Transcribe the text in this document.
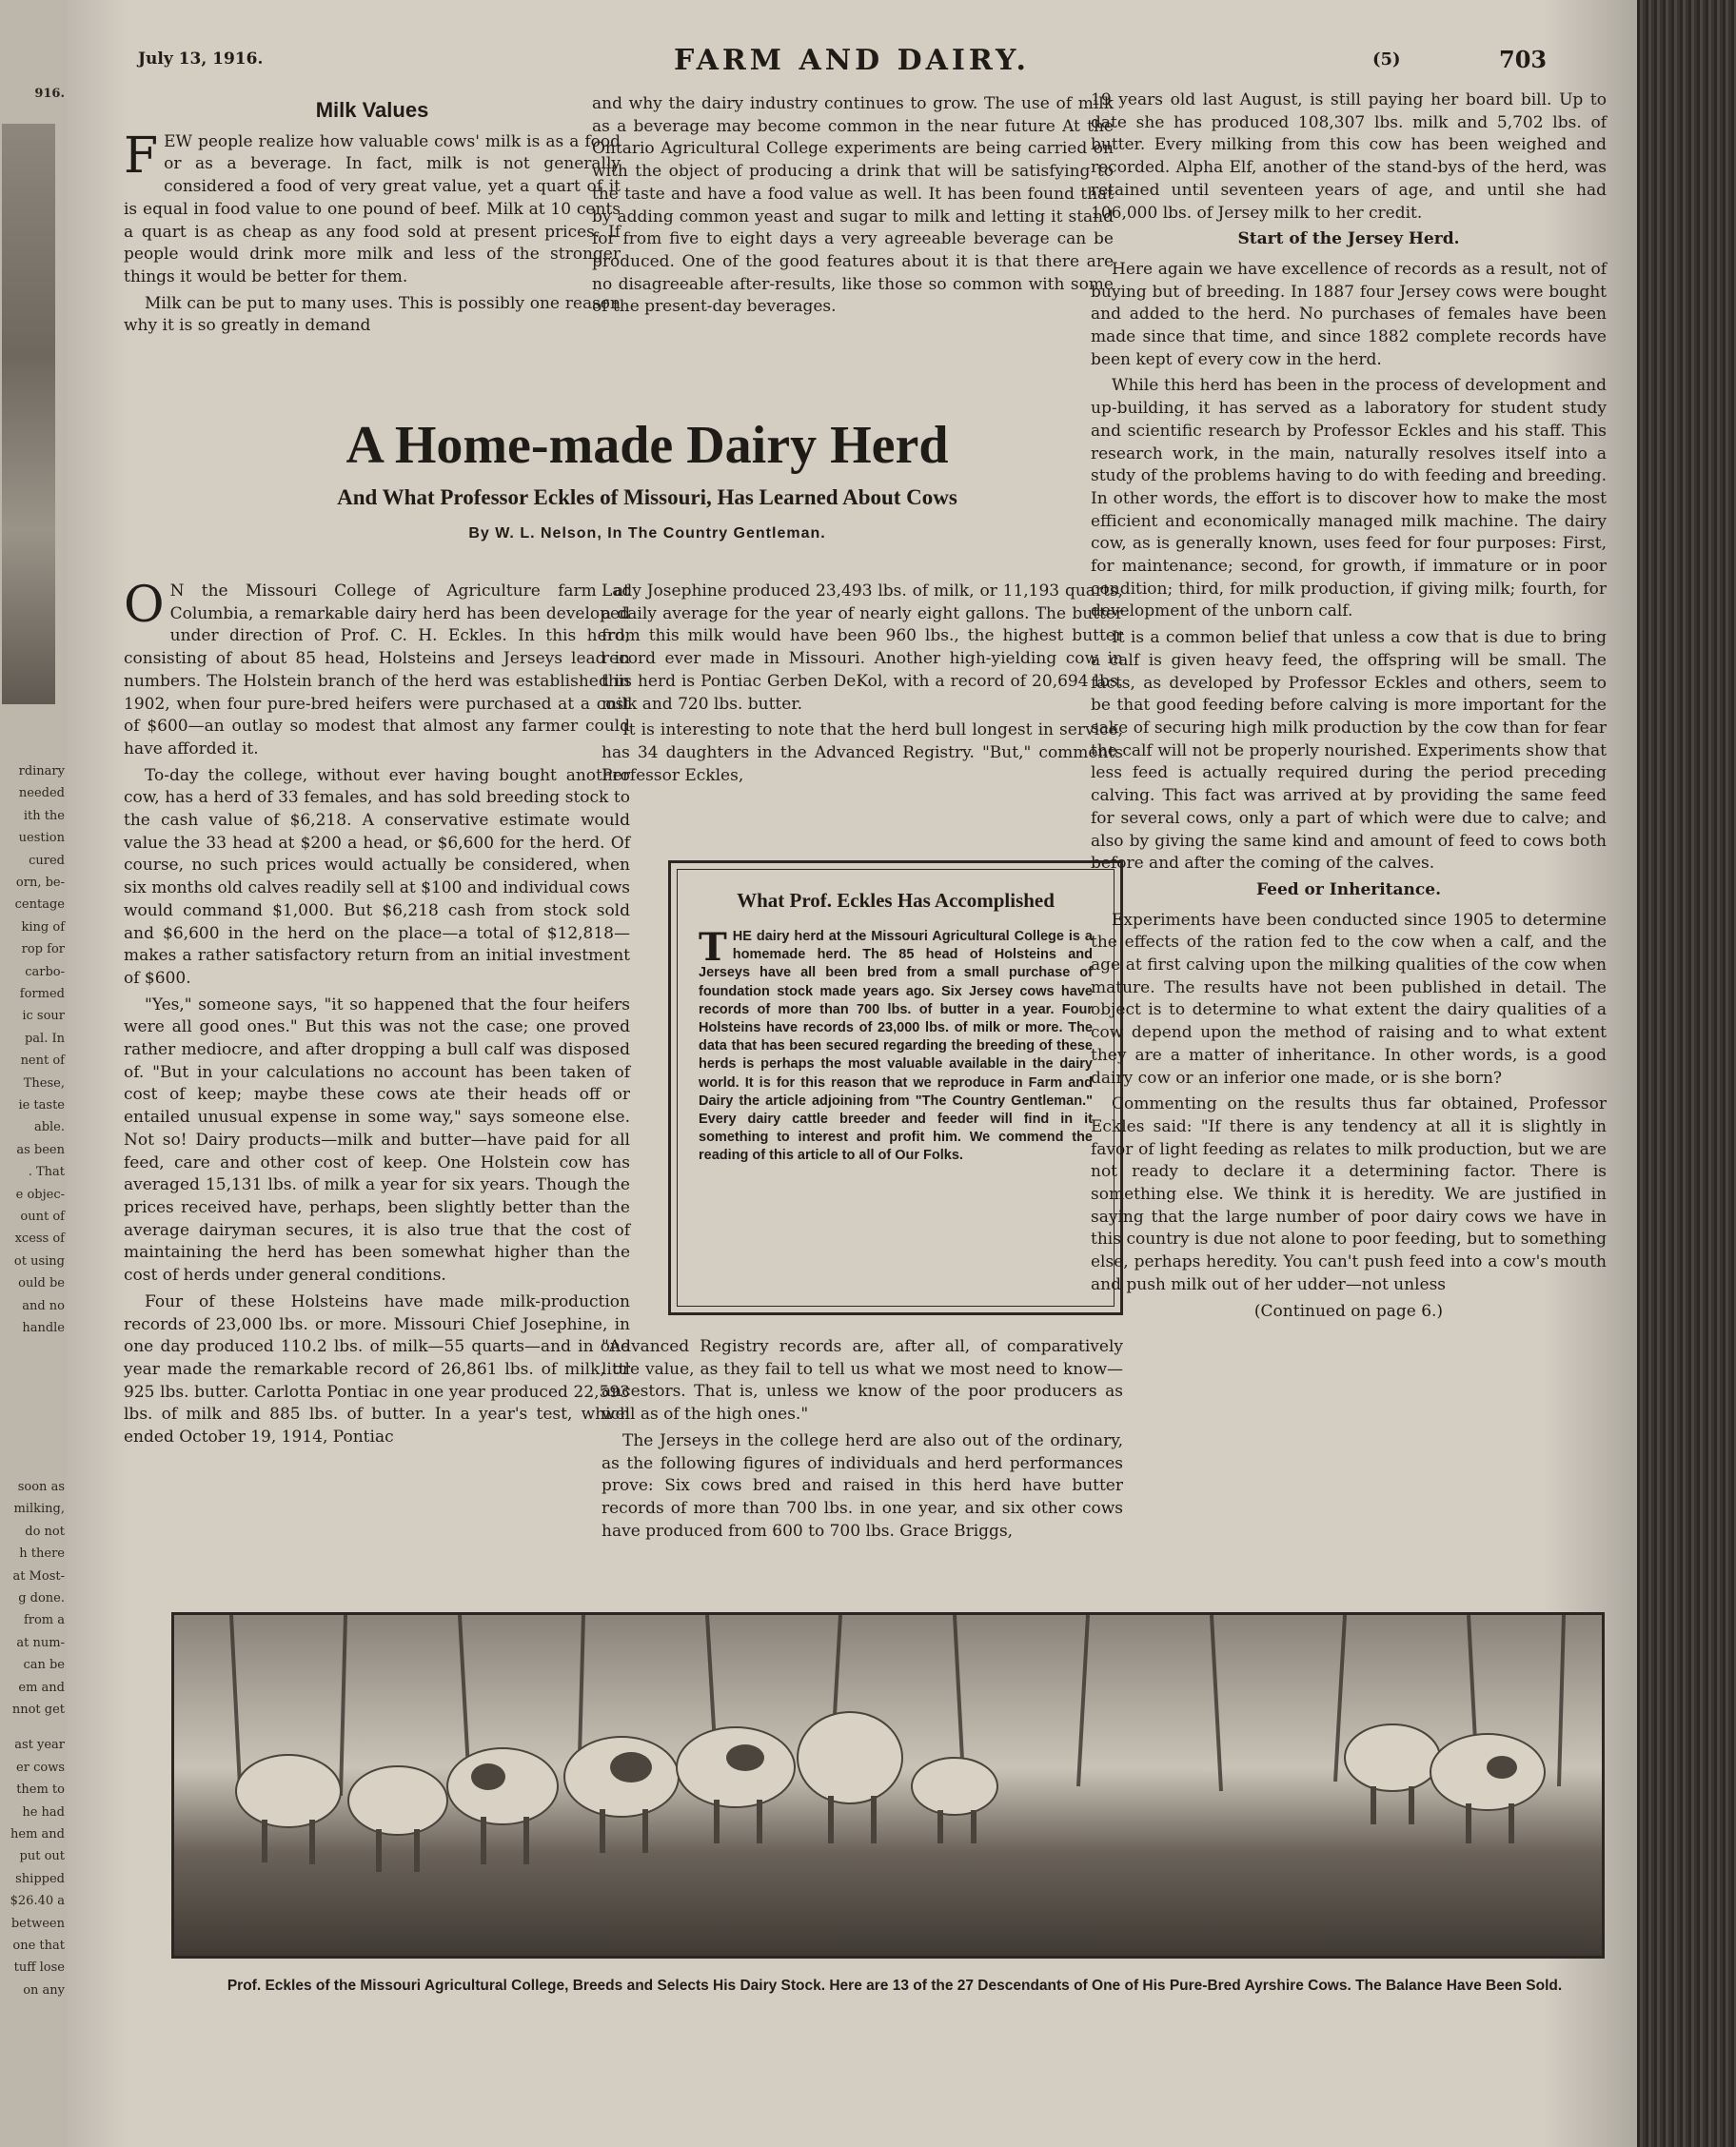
916.
rdinary
needed
ith the
uestion
cured
orn, be-
centage
king of
rop for
carbo-
formed
ic sour
pal. In
nent of
These,
ie taste
able.
as been
. That
e objec-
ount of
xcess of
ot using
ould be
and no
handle
soon as
milking,
do not
h there
at Most-
g done.
from a
at num-
can be
em and
nnot get
ast year
er cows
them to
he had
hem and
put out
shipped
$26.40 a
between
one that
tuff lose
on any
July 13, 1916.	FARM AND DAIRY.	(5)	703
Milk Values

FEW people realize how valuable cows' milk is as a food or as a beverage. In fact, milk is not generally considered a food of very great value, yet a quart of it is equal in food value to one pound of beef. Milk at 10 cents a quart is as cheap as any food sold at present prices. If people would drink more milk and less of the stronger things it would be better for them.

Milk can be put to many uses. This is possibly one reason why it is so greatly in demand

and why the dairy industry continues to grow. The use of milk as a beverage may become common in the near future At the Ontario Agricultural College experiments are being carried on with the object of producing a drink that will be satisfying to the taste and have a food value as well. It has been found that by adding common yeast and sugar to milk and letting it stand for from five to eight days a very agreeable beverage can be produced. One of the good features about it is that there are no disagreeable after-results, like those so common with some of the present-day beverages.

A Home-made Dairy Herd
And What Professor Eckles of Missouri, Has Learned About Cows
By W. L. Nelson, In The Country Gentleman.

O N the Missouri College of Agriculture farm at Columbia, a remarkable dairy herd has been developed under direction of Prof. C. H. Eckles. In this herd, consisting of about 85 head, Holsteins and Jerseys lead in numbers. The Holstein branch of the herd was established in 1902, when four pure-bred heifers were purchased at a cost of $600—an outlay so modest that almost any farmer could have afforded it.

To-day the college, without ever having bought another cow, has a herd of 33 females, and has sold breeding stock to the cash value of $6,218. A conservative estimate would value the 33 head at $200 a head, or $6,600 for the herd. Of course, no such prices would actually be considered, when six months old calves readily sell at $100 and individual cows would command $1,000. But $6,218 cash from stock sold and $6,600 in the herd on the place—a total of $12,818—makes a rather satisfactory return from an initial investment of $600.

"Yes," someone says, "it so happened that the four heifers were all good ones." But this was not the case; one proved rather mediocre, and after dropping a bull calf was disposed of. "But in your calculations no account has been taken of cost of keep; maybe these cows ate their heads off or entailed unusual expense in some way," says someone else. Not so! Dairy products—milk and butter—have paid for all feed, care and other cost of keep. One Holstein cow has averaged 15,131 lbs. of milk a year for six years. Though the prices received have, perhaps, been slightly better than the average dairyman secures, it is also true that the cost of maintaining the herd has been somewhat higher than the cost of herds under general conditions.

Four of these Holsteins have made milk-production records of 23,000 lbs. or more. Missouri Chief Josephine, in one day produced 110.2 lbs. of milk—55 quarts—and in one year made the remarkable record of 26,861 lbs. of milk, or 925 lbs. butter. Carlotta Pontiac in one year produced 22,593 lbs. of milk and 885 lbs. of butter. In a year's test, which ended October 19, 1914, Pontiac

Lady Josephine produced 23,493 lbs. of milk, or 11,193 quarts, a daily average for the year of nearly eight gallons. The butter from this milk would have been 960 lbs., the highest butter record ever made in Missouri. Another high-yielding cow in this herd is Pontiac Gerben DeKol, with a record of 20,694 lbs. milk and 720 lbs. butter.

It is interesting to note that the herd bull longest in service, has 34 daughters in the Advanced Registry. "But," comments Professor Eckles,

What Prof. Eckles Has Accomplished

THE dairy herd at the Missouri Agricultural College is a homemade herd. The 85 head of Holsteins and Jerseys have all been bred from a small purchase of foundation stock made years ago. Six Jersey cows have records of more than 700 lbs. of butter in a year. Four Holsteins have records of 23,000 lbs. of milk or more. The data that has been secured regarding the breeding of these herds is perhaps the most valuable available in the dairy world. It is for this reason that we reproduce in Farm and Dairy the article adjoining from "The Country Gentleman." Every dairy cattle breeder and feeder will find in it something to interest and profit him. We commend the reading of this article to all of Our Folks.

"Advanced Registry records are, after all, of comparatively little value, as they fail to tell us what we most need to know—ancestors. That is, unless we know of the poor producers as well as of the high ones."

The Jerseys in the college herd are also out of the ordinary, as the following figures of individuals and herd performances prove: Six cows bred and raised in this herd have butter records of more than 700 lbs. in one year, and six other cows have produced from 600 to 700 lbs. Grace Briggs,

19 years old last August, is still paying her board bill. Up to date she has produced 108,307 lbs. milk and 5,702 lbs. of butter. Every milking from this cow has been weighed and recorded. Alpha Elf, another of the stand-bys of the herd, was retained until seventeen years of age, and until she had 106,000 lbs. of Jersey milk to her credit.

Start of the Jersey Herd.

Here again we have excellence of records as a result, not of buying but of breeding. In 1887 four Jersey cows were bought and added to the herd. No purchases of females have been made since that time, and since 1882 complete records have been kept of every cow in the herd.

While this herd has been in the process of development and up-building, it has served as a laboratory for student study and scientific research by Professor Eckles and his staff. This research work, in the main, naturally resolves itself into a study of the problems having to do with feeding and breeding. In other words, the effort is to discover how to make the most efficient and economically managed milk machine. The dairy cow, as is generally known, uses feed for four purposes: First, for maintenance; second, for growth, if immature or in poor condition; third, for milk production, if giving milk; fourth, for development of the unborn calf.

It is a common belief that unless a cow that is due to bring a calf is given heavy feed, the offspring will be small. The facts, as developed by Professor Eckles and others, seem to be that good feeding before calving is more important for the sake of securing high milk production by the cow than for fear the calf will not be properly nourished. Experiments show that less feed is actually required during the period preceding calving. This fact was arrived at by providing the same feed for several cows, only a part of which were due to calve; and also by giving the same kind and amount of feed to cows both before and after the coming of the calves.

Feed or Inheritance.

Experiments have been conducted since 1905 to determine the effects of the ration fed to the cow when a calf, and the age at first calving upon the milking qualities of the cow when mature. The results have not been published in detail. The object is to determine to what extent the dairy qualities of a cow depend upon the method of raising and to what extent they are a matter of inheritance. In other words, is a good dairy cow or an inferior one made, or is she born?

Commenting on the results thus far obtained, Professor Eckles said: "If there is any tendency at all it is slightly in favor of light feeding as relates to milk production, but we are not ready to declare it a determining factor. There is something else. We think it is heredity. We are justified in saying that the large number of poor dairy cows we have in this country is due not alone to poor feeding, but to something else, perhaps heredity. You can't push feed into a cow's mouth and push milk out of her udder—not unless

(Continued on page 6.)

Prof. Eckles of the Missouri Agricultural College, Breeds and Selects His Dairy Stock. Here are 13 of the 27 Descendants of One of His Pure-Bred Ayrshire Cows. The Balance Have Been Sold.
